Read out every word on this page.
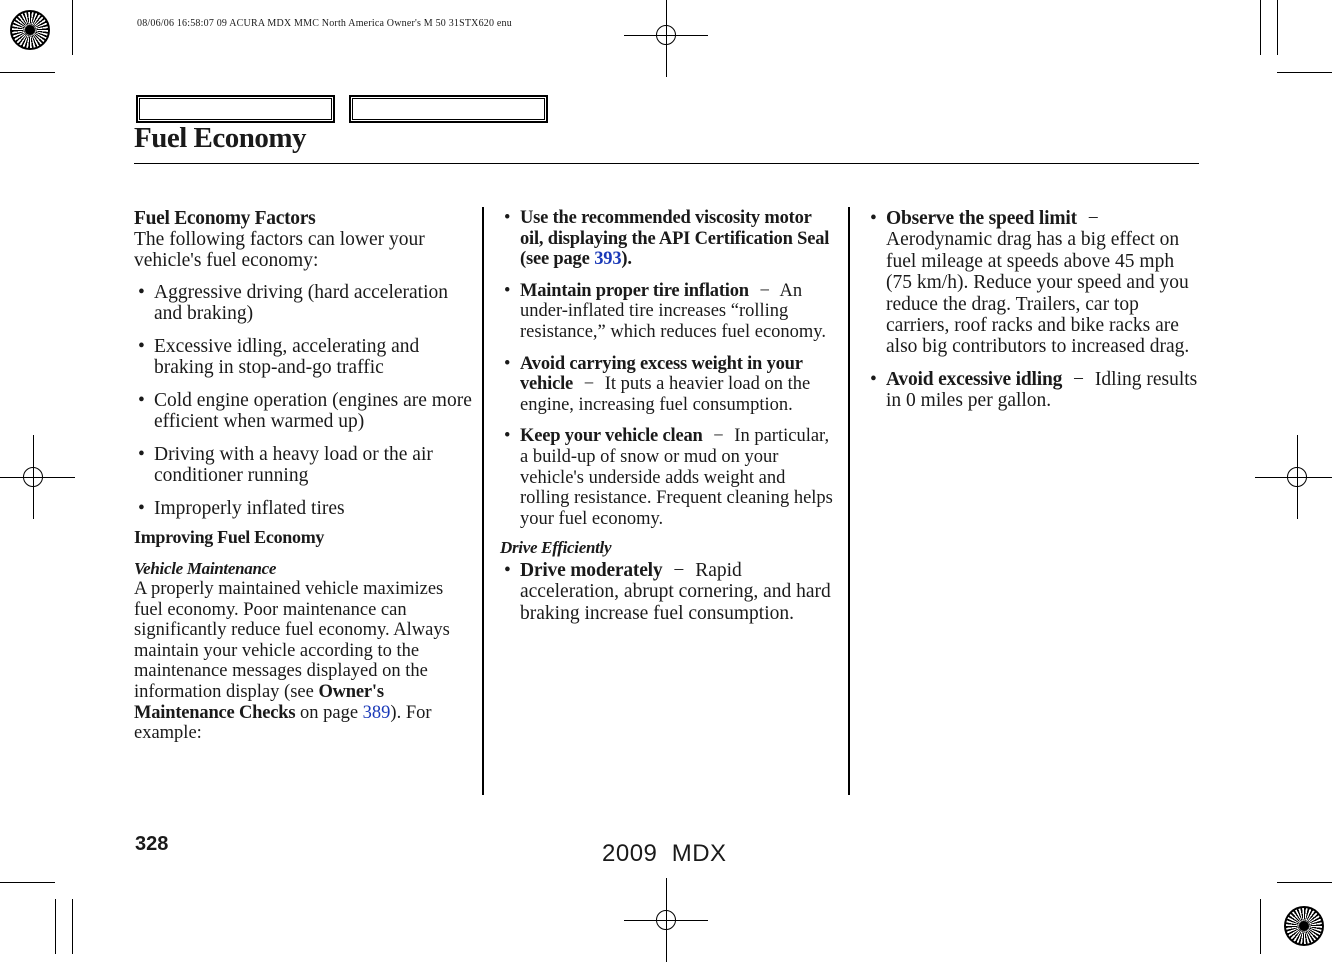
08/06/06 16:58:07 09 ACURA MDX MMC North America Owner's M 50 31STX620 enu
Fuel Economy
Fuel Economy Factors

The following factors can lower your vehicle's fuel economy:

• Aggressive driving (hard acceleration and braking)
• Excessive idling, accelerating and braking in stop-and-go traffic
• Cold engine operation (engines are more efficient when warmed up)
• Driving with a heavy load or the air conditioner running
• Improperly inflated tires
Improving Fuel Economy
Vehicle Maintenance

A properly maintained vehicle maximizes fuel economy. Poor maintenance can significantly reduce fuel economy. Always maintain your vehicle according to the maintenance messages displayed on the information display (see Owner's Maintenance Checks on page 389). For example:

• Use the recommended viscosity motor oil, displaying the API Certification Seal (see page 393).
• Maintain proper tire inflation − An under-inflated tire increases “rolling resistance,” which reduces fuel economy.
• Avoid carrying excess weight in your vehicle − It puts a heavier load on the engine, increasing fuel consumption.
• Keep your vehicle clean − In particular, a build-up of snow or mud on your vehicle's underside adds weight and rolling resistance. Frequent cleaning helps your fuel economy.
Drive Efficiently
• Drive moderately − Rapid acceleration, abrupt cornering, and hard braking increase fuel consumption.
• Observe the speed limit − Aerodynamic drag has a big effect on fuel mileage at speeds above 45 mph (75 km/h). Reduce your speed and you reduce the drag. Trailers, car top carriers, roof racks and bike racks are also big contributors to increased drag.
• Avoid excessive idling − Idling results in 0 miles per gallon.
328	2009  MDX
